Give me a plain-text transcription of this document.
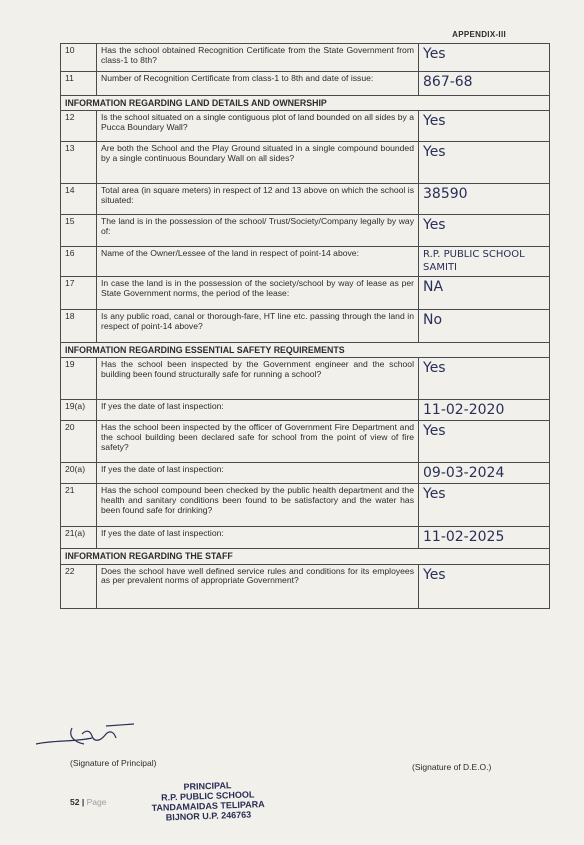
APPENDIX-III
10	Has the school obtained Recognition Certificate from the State Government from class-1 to 8th?	Yes
11	Number of Recognition Certificate from class-1 to 8th and date of issue:	867-68
INFORMATION REGARDING LAND DETAILS AND OWNERSHIP		
12	Is the school situated on a single contiguous plot of land bounded on all sides by a Pucca Boundary Wall?	Yes
13	Are both the School and the Play Ground situated in a single compound bounded by a single continuous Boundary Wall on all sides?	Yes
14	Total area (in square meters) in respect of 12 and 13 above on which the school is situated:	38590
15	The land is in the possession of the school/ Trust/Society/Company legally by way of:	Yes
16	Name of the Owner/Lessee of the land in respect of point-14 above:	R.P. PUBLIC SCHOOL SAMITI
17	In case the land is in the possession of the society/school by way of lease as per State Government norms, the period of the lease:	NA
18	Is any public road, canal or thorough-fare, HT line etc. passing through the land in respect of point-14 above?	No
INFORMATION REGARDING ESSENTIAL SAFETY REQUIREMENTS		
19	Has the school been inspected by the Government engineer and the school building been found structurally safe for running a school?	Yes
19(a)	If yes the date of last inspection:	11-02-2020
20	Has the school been inspected by the officer of Government Fire Department and the school building been declared safe for school from the point of view of fire safety?	Yes
20(a)	If yes the date of last inspection:	09-03-2024
21	Has the school compound been checked by the public health department and the health and sanitary conditions been found to be satisfactory and the water has been found safe for drinking?	Yes
21(a)	If yes the date of last inspection:	11-02-2025
INFORMATION REGARDING THE STAFF		
22	Does the school have well defined service rules and conditions for its employees as per prevalent norms of appropriate Government?	Yes
(Signature of Principal)	(Signature of D.E.O.)
52 | Page
PRINCIPAL
R.P. PUBLIC SCHOOL
TANDAMAIDAS TELIPARA
BIJNOR U.P. 246763
